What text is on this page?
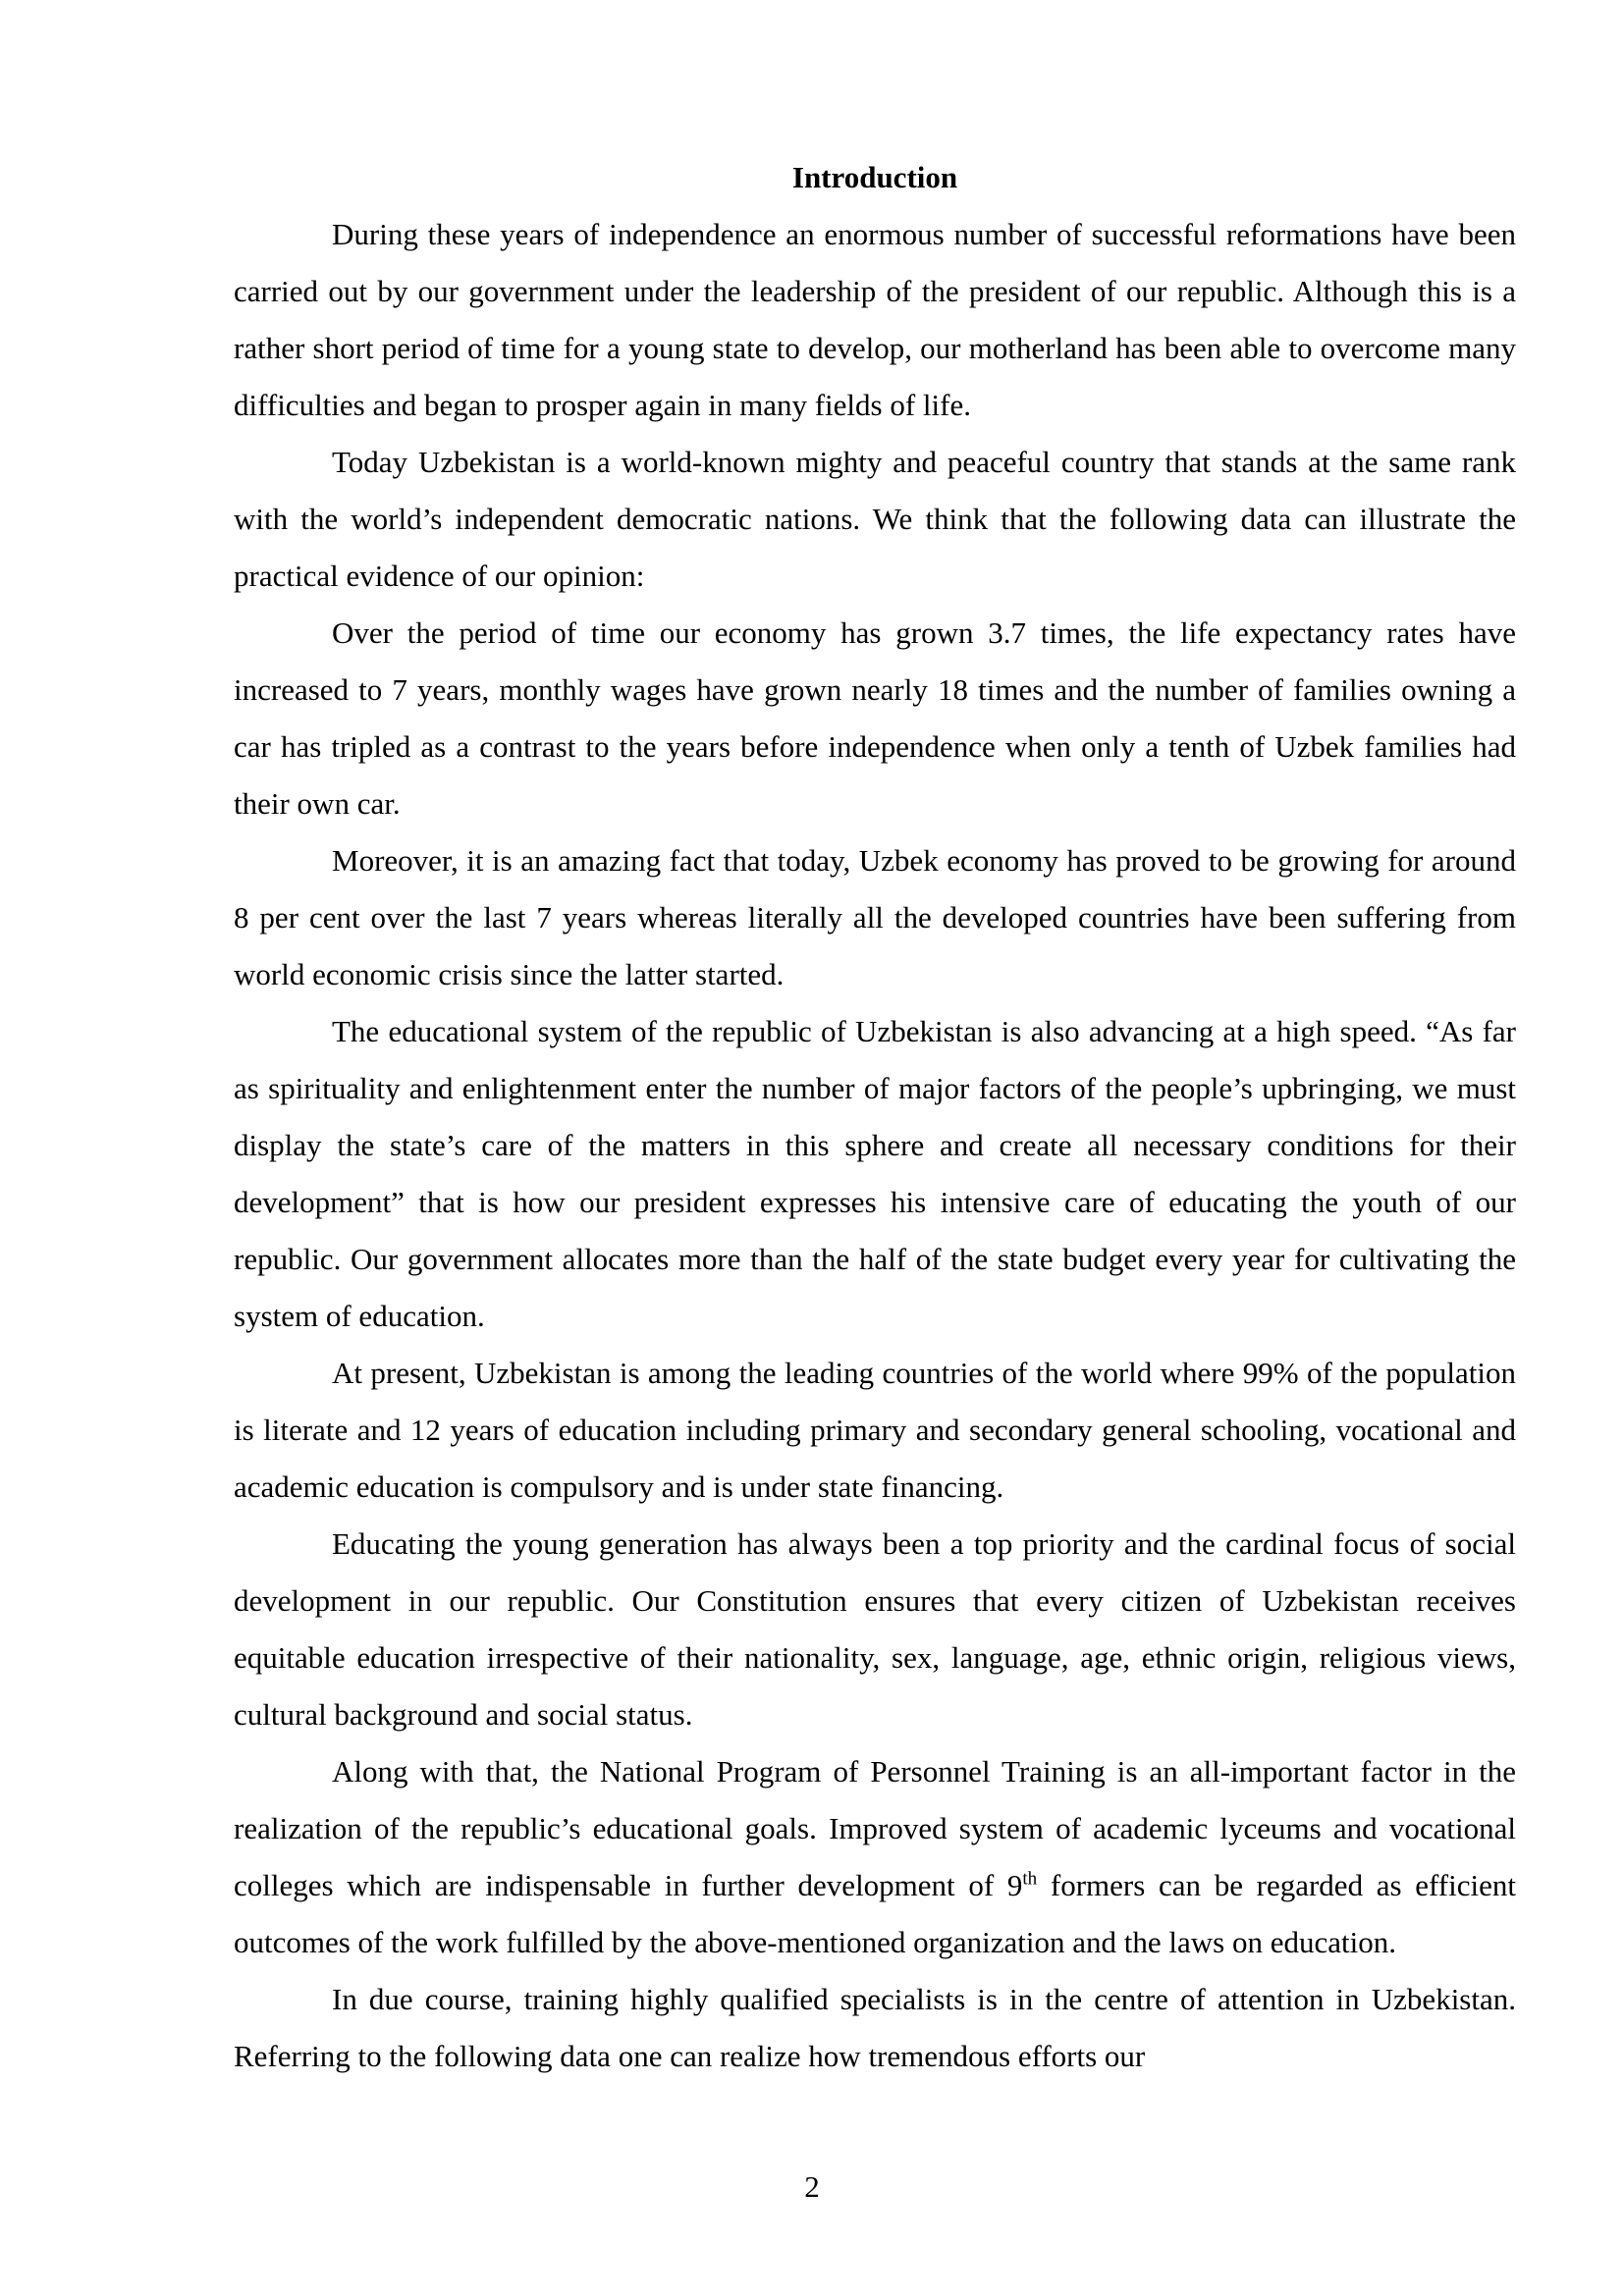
Introduction

During these years of independence an enormous number of successful reformations have been carried out by our government under the leadership of the president of our republic. Although this is a rather short period of time for a young state to develop, our motherland has been able to overcome many difficulties and began to prosper again in many fields of life.

Today Uzbekistan is a world-known mighty and peaceful country that stands at the same rank with the world’s independent democratic nations. We think that the following data can illustrate the practical evidence of our opinion:

Over the period of time our economy has grown 3.7 times, the life expectancy rates have increased to 7 years, monthly wages have grown nearly 18 times and the number of families owning a car has tripled as a contrast to the years before independence when only a tenth of Uzbek families had their own car.

Moreover, it is an amazing fact that today, Uzbek economy has proved to be growing for around 8 per cent over the last 7 years whereas literally all the developed countries have been suffering from world economic crisis since the latter started.

The educational system of the republic of Uzbekistan is also advancing at a high speed. “As far as spirituality and enlightenment enter the number of major factors of the people’s upbringing, we must display the state’s care of the matters in this sphere and create all necessary conditions for their development” that is how our president expresses his intensive care of educating the youth of our republic. Our government allocates more than the half of the state budget every year for cultivating the system of education.

At present, Uzbekistan is among the leading countries of the world where 99% of the population is literate and 12 years of education including primary and secondary general schooling, vocational and academic education is compulsory and is under state financing.

Educating the young generation has always been a top priority and the cardinal focus of social development in our republic. Our Constitution ensures that every citizen of Uzbekistan receives equitable education irrespective of their nationality, sex, language, age, ethnic origin, religious views, cultural background and social status.

Along with that, the National Program of Personnel Training is an all-important factor in the realization of the republic’s educational goals. Improved system of academic lyceums and vocational colleges which are indispensable in further development of 9th formers can be regarded as efficient outcomes of the work fulfilled by the above-mentioned organization and the laws on education.

In due course, training highly qualified specialists is in the centre of attention in Uzbekistan. Referring to the following data one can realize how tremendous efforts our

2
